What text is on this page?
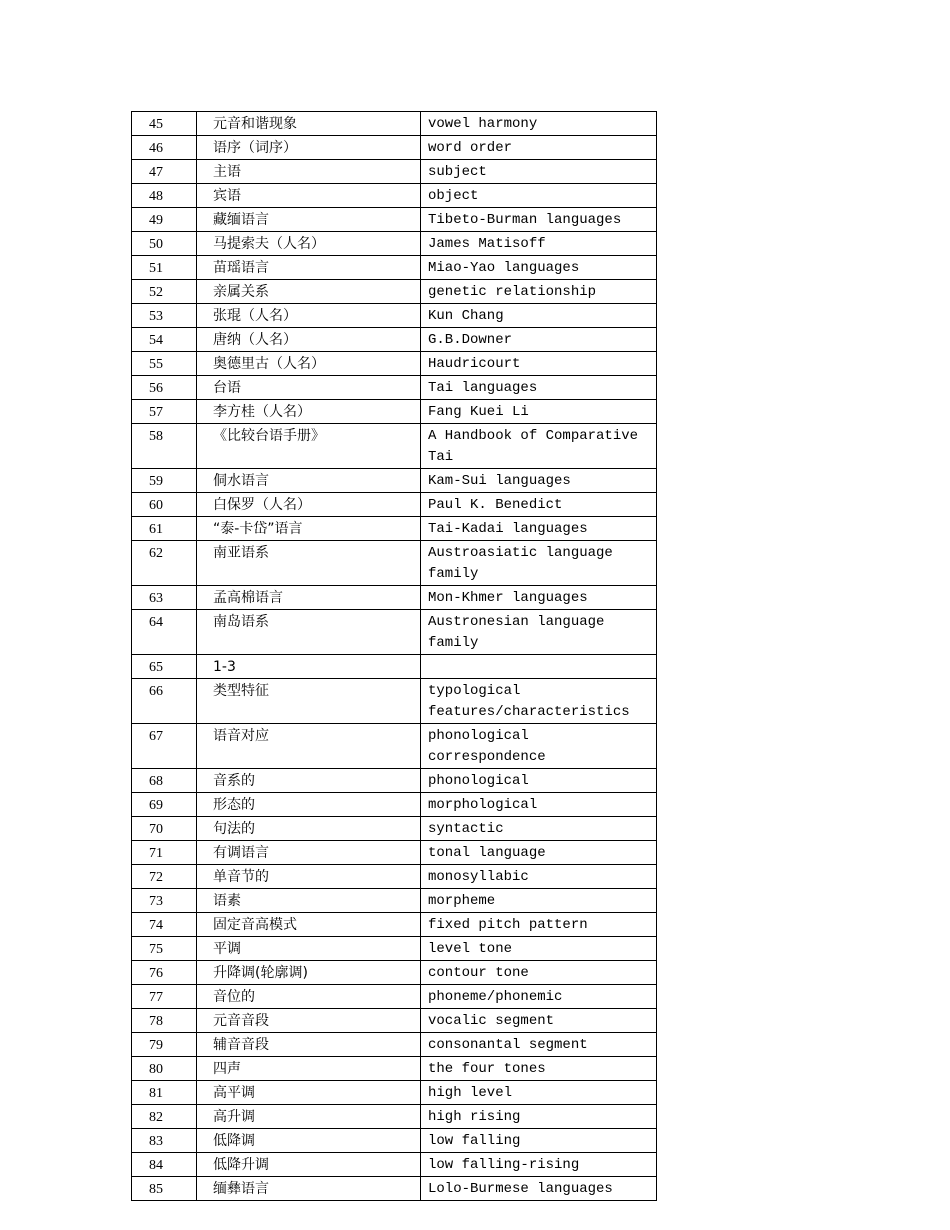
45	元音和谐现象	vowel harmony
46	语序（词序）	word order
47	主语	subject
48	宾语	object
49	藏缅语言	Tibeto-Burman languages
50	马提索夫（人名）	James Matisoff
51	苗瑶语言	Miao-Yao languages
52	亲属关系	genetic relationship
53	张琨（人名）	Kun Chang
54	唐纳（人名）	G.B.Downer
55	奥德里古（人名）	Haudricourt
56	台语	Tai languages
57	李方桂（人名）	Fang Kuei Li
58	《比较台语手册》	A Handbook of Comparative Tai
59	侗水语言	Kam-Sui languages
60	白保罗（人名）	Paul K. Benedict
61	“泰-卡岱”语言	Tai-Kadai languages
62	南亚语系	Austroasiatic language family
63	孟高棉语言	Mon-Khmer languages
64	南岛语系	Austronesian language family
65	1-3	
66	类型特征	typological features/characteristics
67	语音对应	phonological correspondence
68	音系的	phonological
69	形态的	morphological
70	句法的	syntactic
71	有调语言	tonal language
72	单音节的	monosyllabic
73	语素	morpheme
74	固定音高模式	fixed pitch pattern
75	平调	level tone
76	升降调(轮廓调)	contour tone
77	音位的	phoneme/phonemic
78	元音音段	vocalic segment
79	辅音音段	consonantal segment
80	四声	the four tones
81	高平调	high level
82	高升调	high rising
83	低降调	low falling
84	低降升调	low falling-rising
85	缅彝语言	Lolo-Burmese languages
